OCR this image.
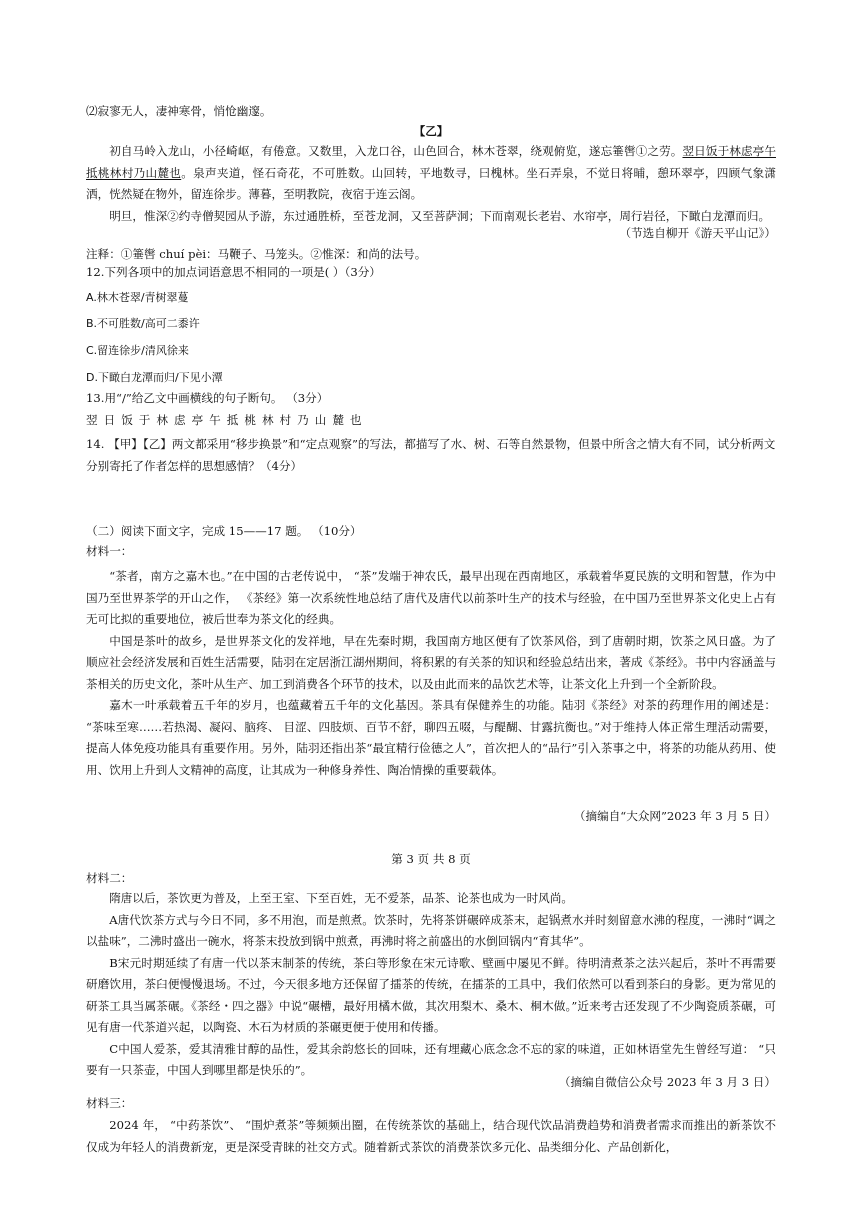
⑵寂寥无人，凄神寒骨，悄怆幽邃。

【乙】

初自马岭入龙山，小径崎岖，有倦意。又数里，入龙口谷，山色回合，林木苍翠，绕观俯览，遂忘箠辔①之劳。翌日饭于林虑亭午抵桃林村乃山麓也。泉声夹道，怪石奇花，不可胜数。山回转，平地数寻，曰槐林。坐石弄泉，不觉日将晡，憩环翠亭，四顾气象潇洒，恍然疑在物外，留连徐步。薄暮，至明教院，夜宿于连云阁。

明旦，惟深②约寺僧契园从予游，东过通胜桥，至苍龙洞，又至菩萨洞；下而南观长老岩、水帘亭，周行岩径，下瞰白龙潭而归。

（节选自柳开《游天平山记》）
注释：①箠辔 chuí pèi：马鞭子、马笼头。②惟深：和尚的法号。

12.下列各项中的加点词语意思不相同的一项是( ）（3分）

A.林木苍翠/青树翠蔓
B.不可胜数/高可二黍许
C.留连徐步/清风徐来
D.下瞰白龙潭而归/下见小潭
13.用“/”给乙文中画横线的句子断句。 （3分）
翌日饭于林虑亭午抵桃林村乃山麓也

14. 【甲】【乙】两文都采用“移步换景”和“定点观察”的写法，都描写了水、树、石等自然景物，但景中所含之情大有不同，试分析两文分别寄托了作者怎样的思想感情？（4分）

（二）阅读下面文字，完成 15——17 题。 （10分）
材料一：

“茶者，南方之嘉木也。”在中国的古老传说中， “茶”发端于神农氏，最早出现在西南地区，承载着华夏民族的文明和智慧，作为中国乃至世界茶学的开山之作， 《茶经》第一次系统性地总结了唐代及唐代以前茶叶生产的技术与经验，在中国乃至世界茶文化史上占有无可比拟的重要地位，被后世奉为茶文化的经典。

中国是茶叶的故乡，是世界茶文化的发祥地，早在先秦时期，我国南方地区便有了饮茶风俗，到了唐朝时期，饮茶之风日盛。为了顺应社会经济发展和百姓生活需要，陆羽在定居浙江湖州期间，将积累的有关茶的知识和经验总结出来，著成《茶经》。书中内容涵盖与茶相关的历史文化，茶叶从生产、加工到消费各个环节的技术，以及由此而来的品饮艺术等，让茶文化上升到一个全新阶段。

嘉木一叶承载着五千年的岁月，也蕴藏着五千年的文化基因。茶具有保健养生的功能。陆羽《茶经》对茶的药理作用的阐述是： “茶味至寒……若热渴、凝闷、脑疼、 目涩、四肢烦、百节不舒，聊四五啜，与醍醐、甘露抗衡也。”对于维持人体正常生理活动需要，提高人体免疫功能具有重要作用。另外，陆羽还指出茶“最宜精行俭德之人”，首次把人的“品行”引入茶事之中，将茶的功能从药用、使用、饮用上升到人文精神的高度，让其成为一种修身养性、陶冶情操的重要载体。

（摘编自“大众网”2023 年 3 月 5 日）
第 3 页 共 8 页
材料二：

隋唐以后，茶饮更为普及，上至王室、下至百姓，无不爱茶，品茶、论茶也成为一时风尚。

A唐代饮茶方式与今日不同，多不用泡，而是煎煮。饮茶时，先将茶饼碾碎成茶末，起锅煮水并时刻留意水沸的程度，一沸时“调之以盐味”，二沸时盛出一碗水，将茶末投放到锅中煎煮，再沸时将之前盛出的水倒回锅内“育其华”。

B宋元时期延续了有唐一代以茶末制茶的传统，茶臼等形象在宋元诗歌、壁画中屡见不鲜。待明清煮茶之法兴起后，茶叶不再需要研磨饮用，茶臼便慢慢退场。不过，今天很多地方还保留了擂茶的传统，在擂茶的工具中，我们依然可以看到茶臼的身影。更为常见的研茶工具当属茶碾。《茶经・四之器》中说“碾槽，最好用橘木做，其次用梨木、桑木、桐木做。”近来考古还发现了不少陶瓷质茶碾，可见有唐一代茶道兴起，以陶瓷、木石为材质的茶碾更便于使用和传播。

C中国人爱茶，爱其清雅甘醇的品性，爱其余韵悠长的回味，还有埋藏心底念念不忘的家的味道，正如林语堂先生曾经写道： “只要有一只茶壶，中国人到哪里都是快乐的”。

（摘编自微信公众号 2023 年 3 月 3 日）
材料三：

2024 年， “中药茶饮”、 “围炉煮茶”等频频出圈，在传统茶饮的基础上，结合现代饮品消费趋势和消费者需求而推出的新茶饮不仅成为年轻人的消费新宠，更是深受青睐的社交方式。随着新式茶饮的消费茶饮多元化、品类细分化、产品创新化，
